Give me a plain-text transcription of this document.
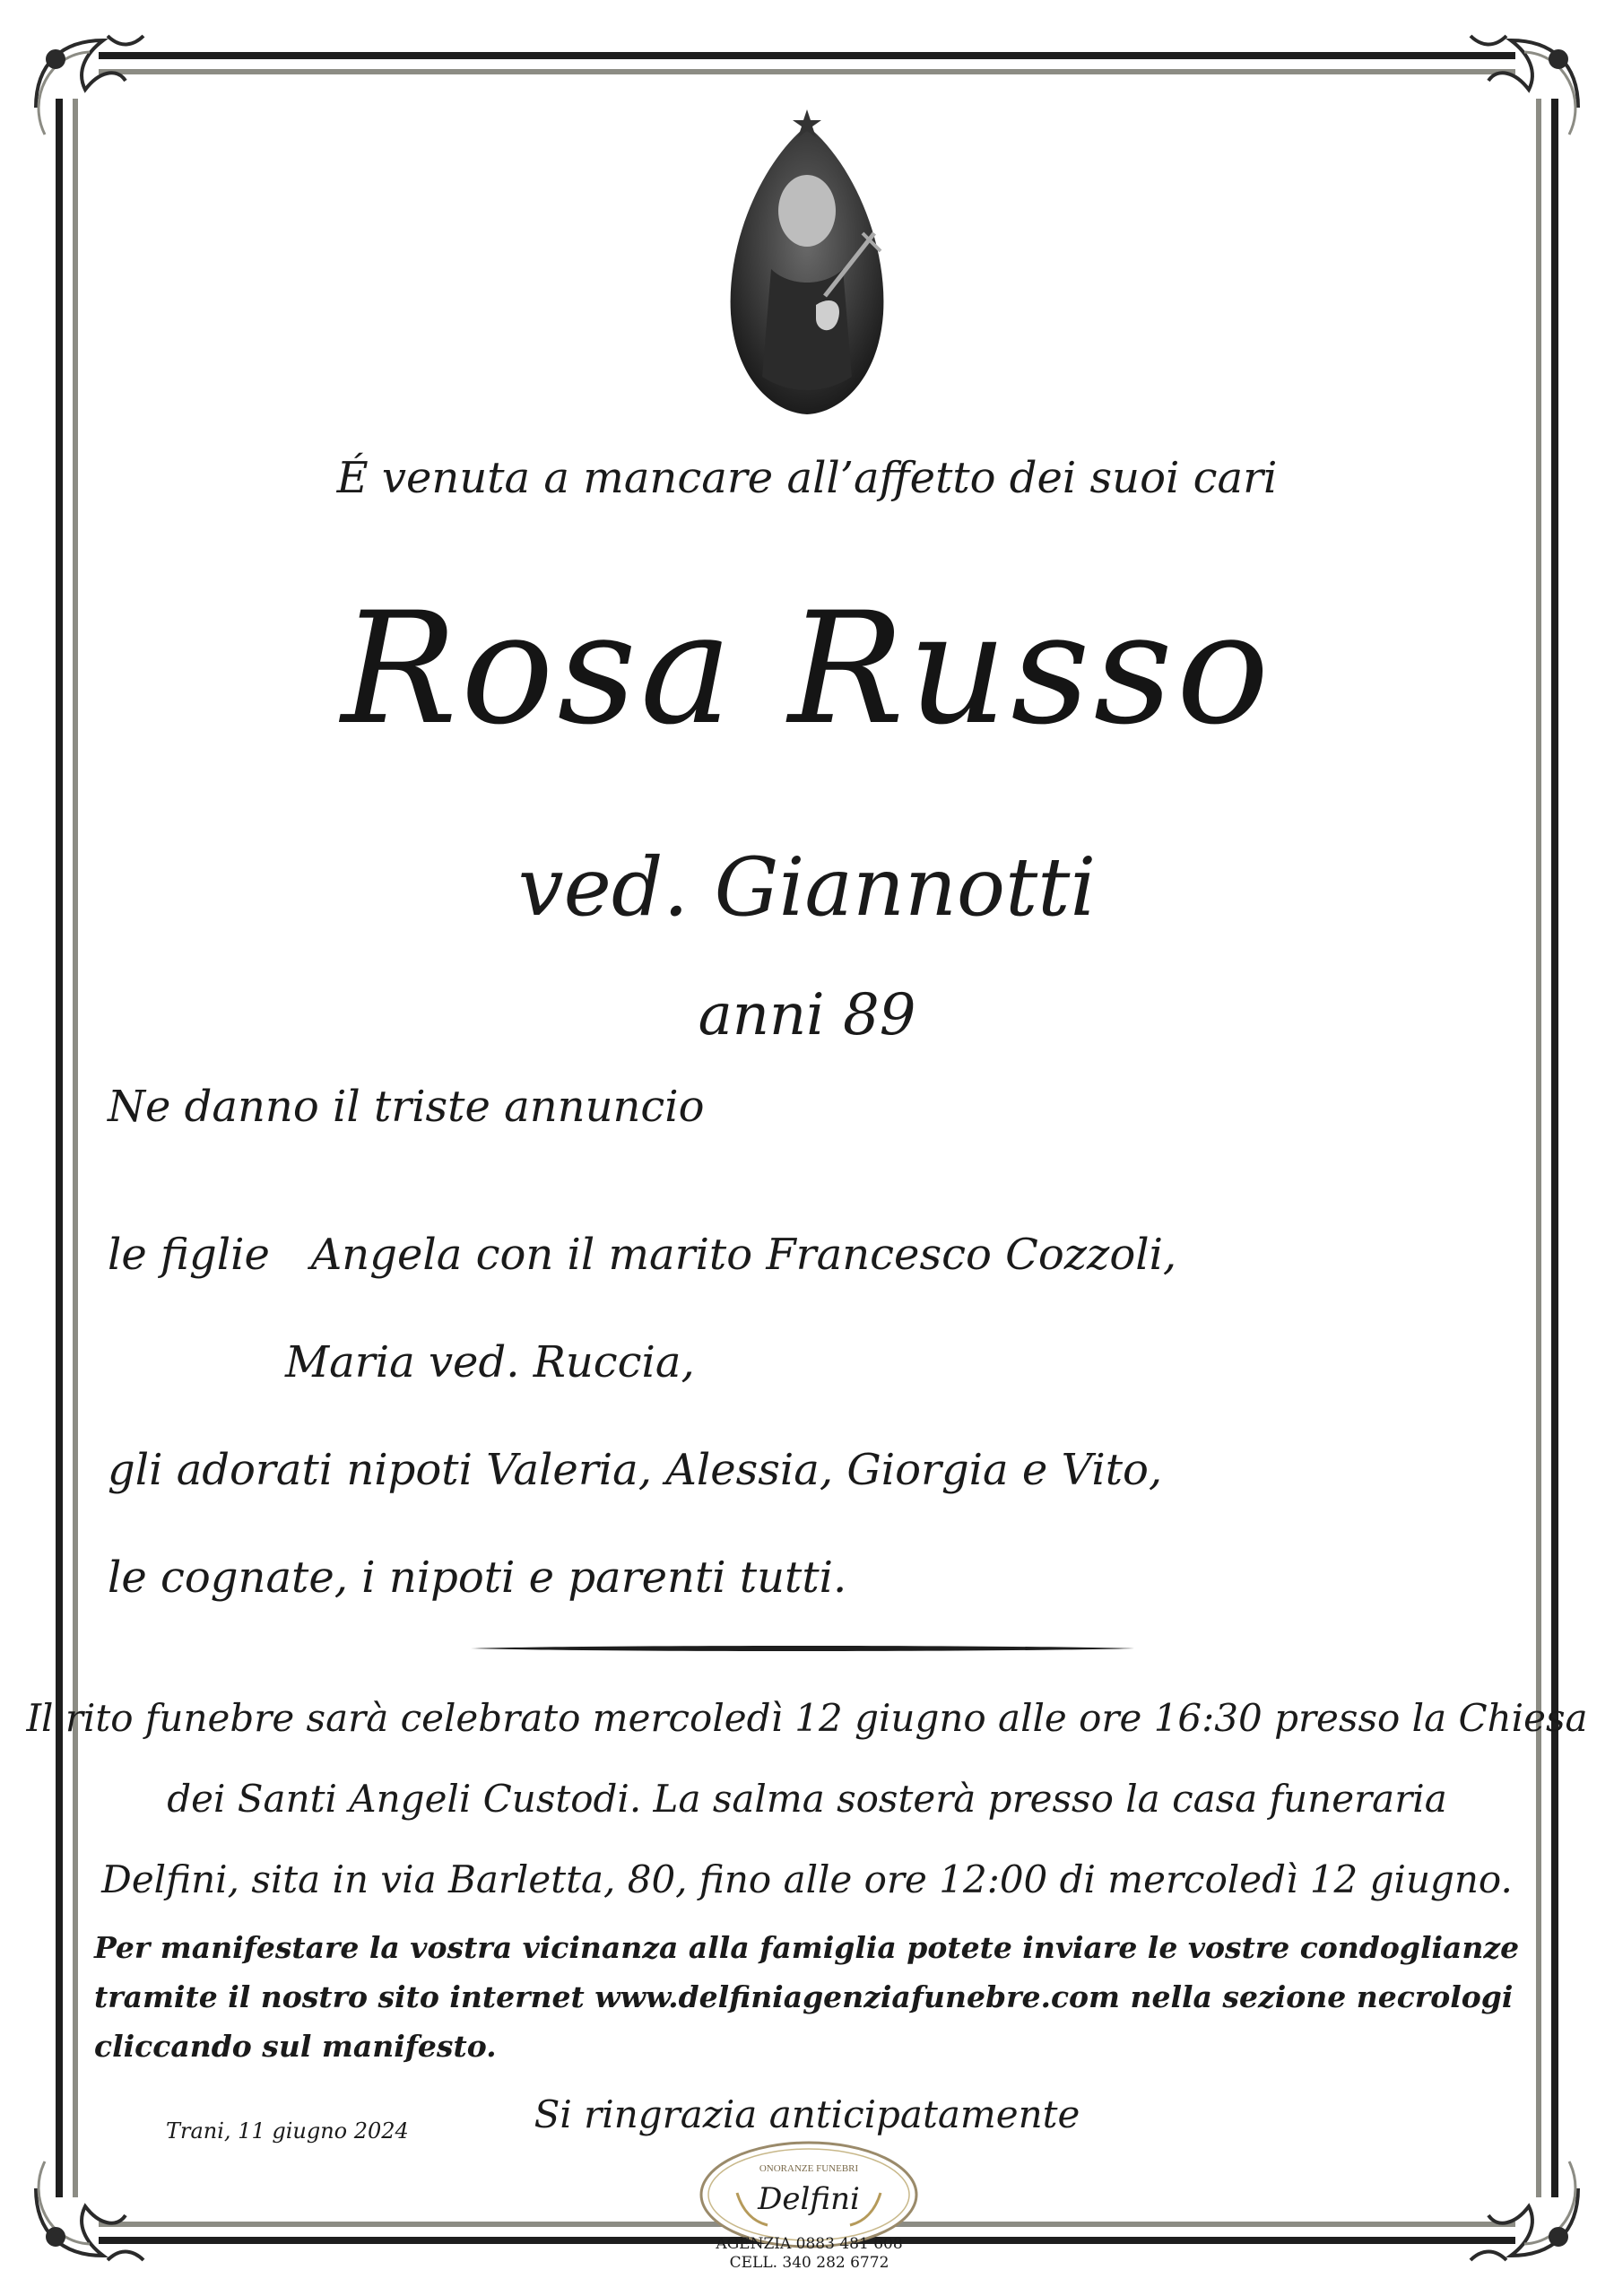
É venuta a mancare all’affetto dei suoi cari
Rosa Russo
ved. Giannotti
anni 89
Ne danno il triste annuncio
le figlie   Angela con il marito Francesco Cozzoli,
Maria ved. Ruccia,
gli adorati nipoti Valeria, Alessia, Giorgia e Vito,
le cognate, i nipoti e parenti tutti.
Il rito funebre sarà celebrato mercoledì 12 giugno alle ore 16:30 presso la Chiesa
dei Santi Angeli Custodi. La salma sosterà presso la casa funeraria
Delfini, sita in via Barletta, 80, fino alle ore 12:00 di mercoledì 12 giugno.
Per manifestare la vostra vicinanza alla famiglia potete inviare le vostre condoglianze
tramite il nostro sito internet www.delfiniagenziafunebre.com nella sezione necrologi
cliccando sul manifesto.
Si ringrazia anticipatamente
Trani, 11 giugno 2024
ONORANZE FUNEBRI
Delfini
AGENZIA 0883 481 608
CELL. 340 282 6772
